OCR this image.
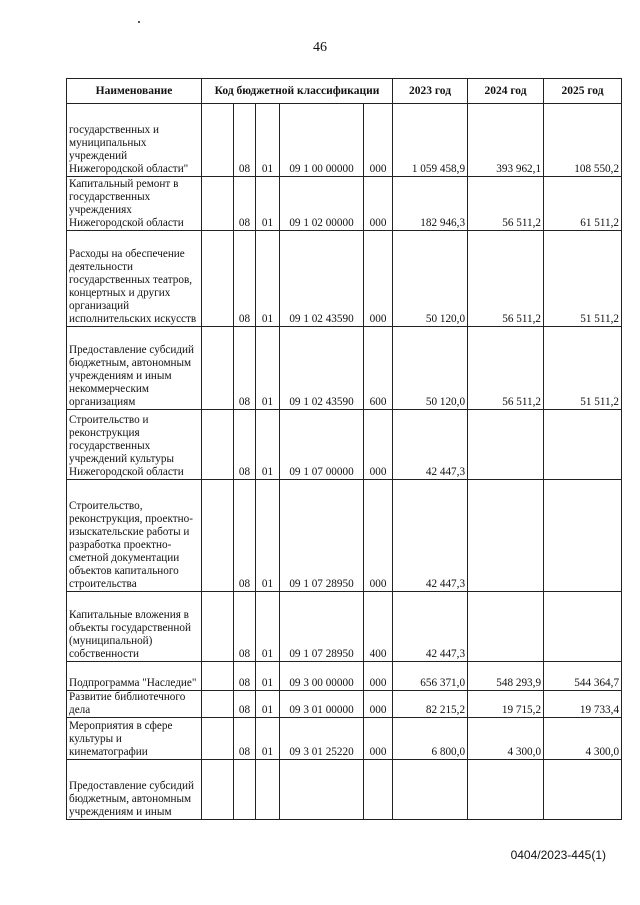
46
Наименование	Код бюджетной классификации					2023 год	2024 год	2025 год
государственных и муниципальных учреждений Нижегородской области"		08	01	09 1 00 00000	000	1 059 458,9	393 962,1	108 550,2
Капитальный ремонт в государственных учреждениях Нижегородской области		08	01	09 1 02 00000	000	182 946,3	56 511,2	61 511,2
Расходы на обеспечение деятельности государственных театров, концертных и других организаций исполнительских искусств		08	01	09 1 02 43590	000	50 120,0	56 511,2	51 511,2
Предоставление субсидий бюджетным, автономным учреждениям и иным некоммерческим организациям		08	01	09 1 02 43590	600	50 120,0	56 511,2	51 511,2
Строительство и реконструкция государственных учреждений культуры Нижегородской области		08	01	09 1 07 00000	000	42 447,3		
Строительство, реконструкция, проектно-изыскательские работы и разработка проектно-сметной документации объектов капитального строительства		08	01	09 1 07 28950	000	42 447,3		
Капитальные вложения в объекты государственной (муниципальной) собственности		08	01	09 1 07 28950	400	42 447,3		
Подпрограмма "Наследие"		08	01	09 3 00 00000	000	656 371,0	548 293,9	544 364,7
Развитие библиотечного дела		08	01	09 3 01 00000	000	82 215,2	19 715,2	19 733,4
Мероприятия в сфере культуры и кинематографии		08	01	09 3 01 25220	000	6 800,0	4 300,0	4 300,0
Предоставление субсидий бюджетным, автономным учреждениям и иным								
0404/2023-445(1)
